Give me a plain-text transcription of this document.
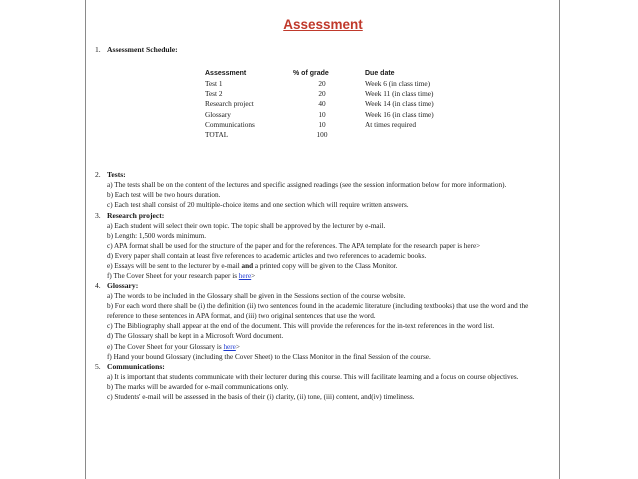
Assessment

1. Assessment Schedule:

Assessment	% of grade	Due date
Test 1	20	Week 6 (in class time)
Test 2	20	Week 11 (in class time)
Research project	40	Week 14 (in class time)
Glossary	10	Week 16 (in class time)
Communications	10	At times required
TOTAL	100	

2. Tests:

a) The tests shall be on the content of the lectures and specific assigned readings (see the session information below for more information).

b) Each test will be two hours duration.

c) Each test shall consist of 20 multiple-choice items and one section which will require written answers.

3. Research project:

a) Each student will select their own topic. The topic shall be approved by the lecturer by e-mail.

b) Length: 1,500 words minimum.

c) APA format shall be used for the structure of the paper and for the references. The APA template for the research paper is here>

d) Every paper shall contain at least five references to academic articles and two references to academic books.

e) Essays will be sent to the lecturer by e-mail and a printed copy will be given to the Class Monitor.

f) The Cover Sheet for your research paper is here>

4. Glossary:

a) The words to be included in the Glossary shall be given in the Sessions section of the course website.

b) For each word there shall be (i) the definition (ii) two sentences found in the academic literature (including textbooks) that use the word and the reference to these sentences in APA format, and (iii) two original sentences that use the word.

c) The Bibliography shall appear at the end of the document. This will provide the references for the in-text references in the word list.

d) The Glossary shall be kept in a Microsoft Word document.

e) The Cover Sheet for your Glossary is here>

f) Hand your bound Glossary (including the Cover Sheet) to the Class Monitor in the final Session of the course.

5. Communications:

a) It is important that students communicate with their lecturer during this course. This will facilitate learning and a focus on course objectives.

b) The marks will be awarded for e-mail communications only.

c) Students' e-mail will be assessed in the basis of their (i) clarity, (ii) tone, (iii) content, and(iv) timeliness.
